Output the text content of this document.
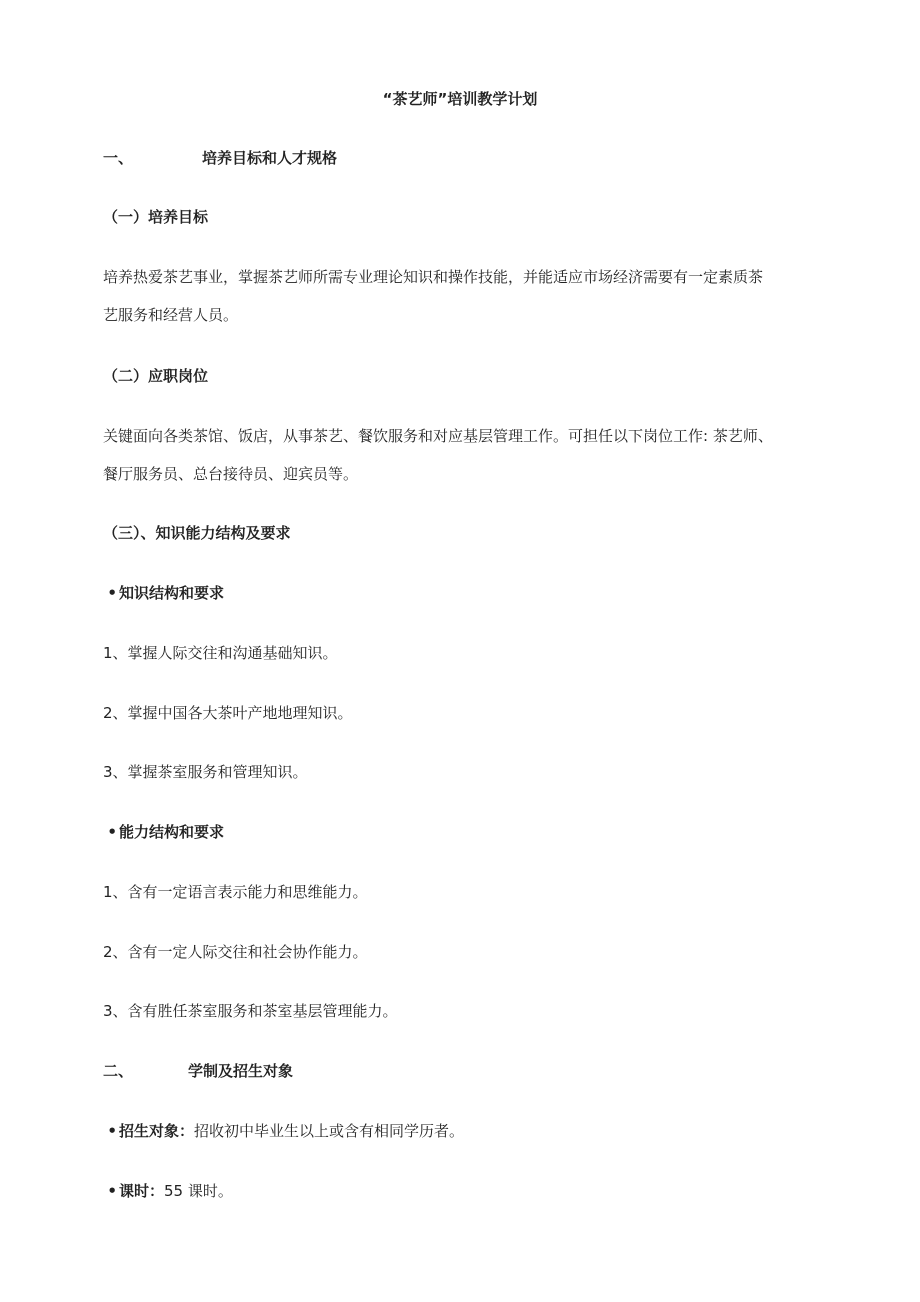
“茶艺师”培训教学计划
一、	培养目标和人才规格
（一）培养目标
培养热爱茶艺事业，掌握茶艺师所需专业理论知识和操作技能，并能适应市场经济需要有一定素质茶
艺服务和经营人员。
（二）应职岗位
关键面向各类茶馆、饭店，从事茶艺、餐饮服务和对应基层管理工作。可担任以下岗位工作: 茶艺师、
餐厅服务员、总台接待员、迎宾员等。
（三）、知识能力结构及要求
• 知识结构和要求
1、掌握人际交往和沟通基础知识。
2、掌握中国各大茶叶产地地理知识。
3、掌握茶室服务和管理知识。
• 能力结构和要求
1、含有一定语言表示能力和思维能力。
2、含有一定人际交往和社会协作能力。
3、含有胜任茶室服务和茶室基层管理能力。
二、	学制及招生对象
• 招生对象：招收初中毕业生以上或含有相同学历者。
• 课时：55 课时。
